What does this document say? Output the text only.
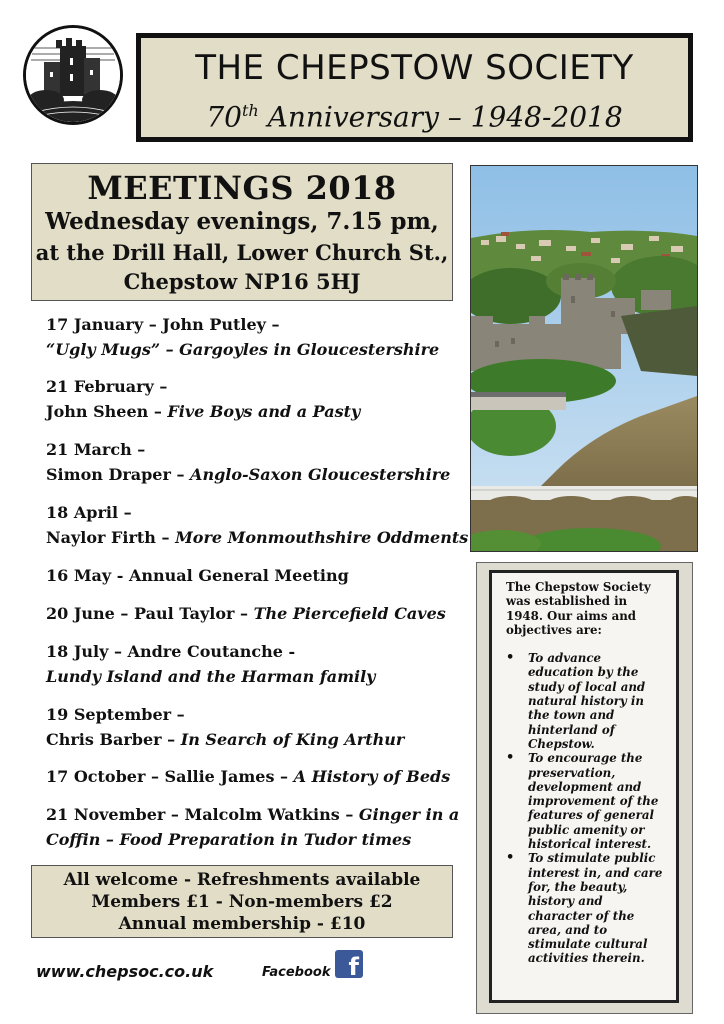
THE CHEPSTOW SOCIETY
70th Anniversary – 1948-2018
MEETINGS 2018
Wednesday evenings, 7.15 pm,
at the Drill Hall, Lower Church St.,
Chepstow NP16 5HJ
17 January – John Putley –
“Ugly Mugs” – Gargoyles in Gloucestershire
21 February –
John Sheen – Five Boys and a Pasty
21 March –
Simon Draper – Anglo-Saxon Gloucestershire
18 April –
Naylor Firth – More Monmouthshire Oddments
16 May - Annual General Meeting
20 June – Paul Taylor – The Piercefield Caves
18 July – Andre Coutanche -
Lundy Island and the Harman family
19 September –
Chris Barber – In Search of King Arthur
17 October – Sallie James – A History of Beds
21 November – Malcolm Watkins – Ginger in a
Coffin – Food Preparation in Tudor times
All welcome - Refreshments available
Members £1 - Non-members £2
Annual membership - £10
www.chepsoc.co.uk	Facebook f

The Chepstow Society was established in 1948. Our aims and objectives are:

• To advance education by the study of local and natural history in the town and hinterland of Chepstow.
• To encourage the preservation, development and improvement of the features of general public amenity or historical interest.
• To stimulate public interest in, and care for, the beauty, history and character of the area, and to stimulate cultural activities therein.
